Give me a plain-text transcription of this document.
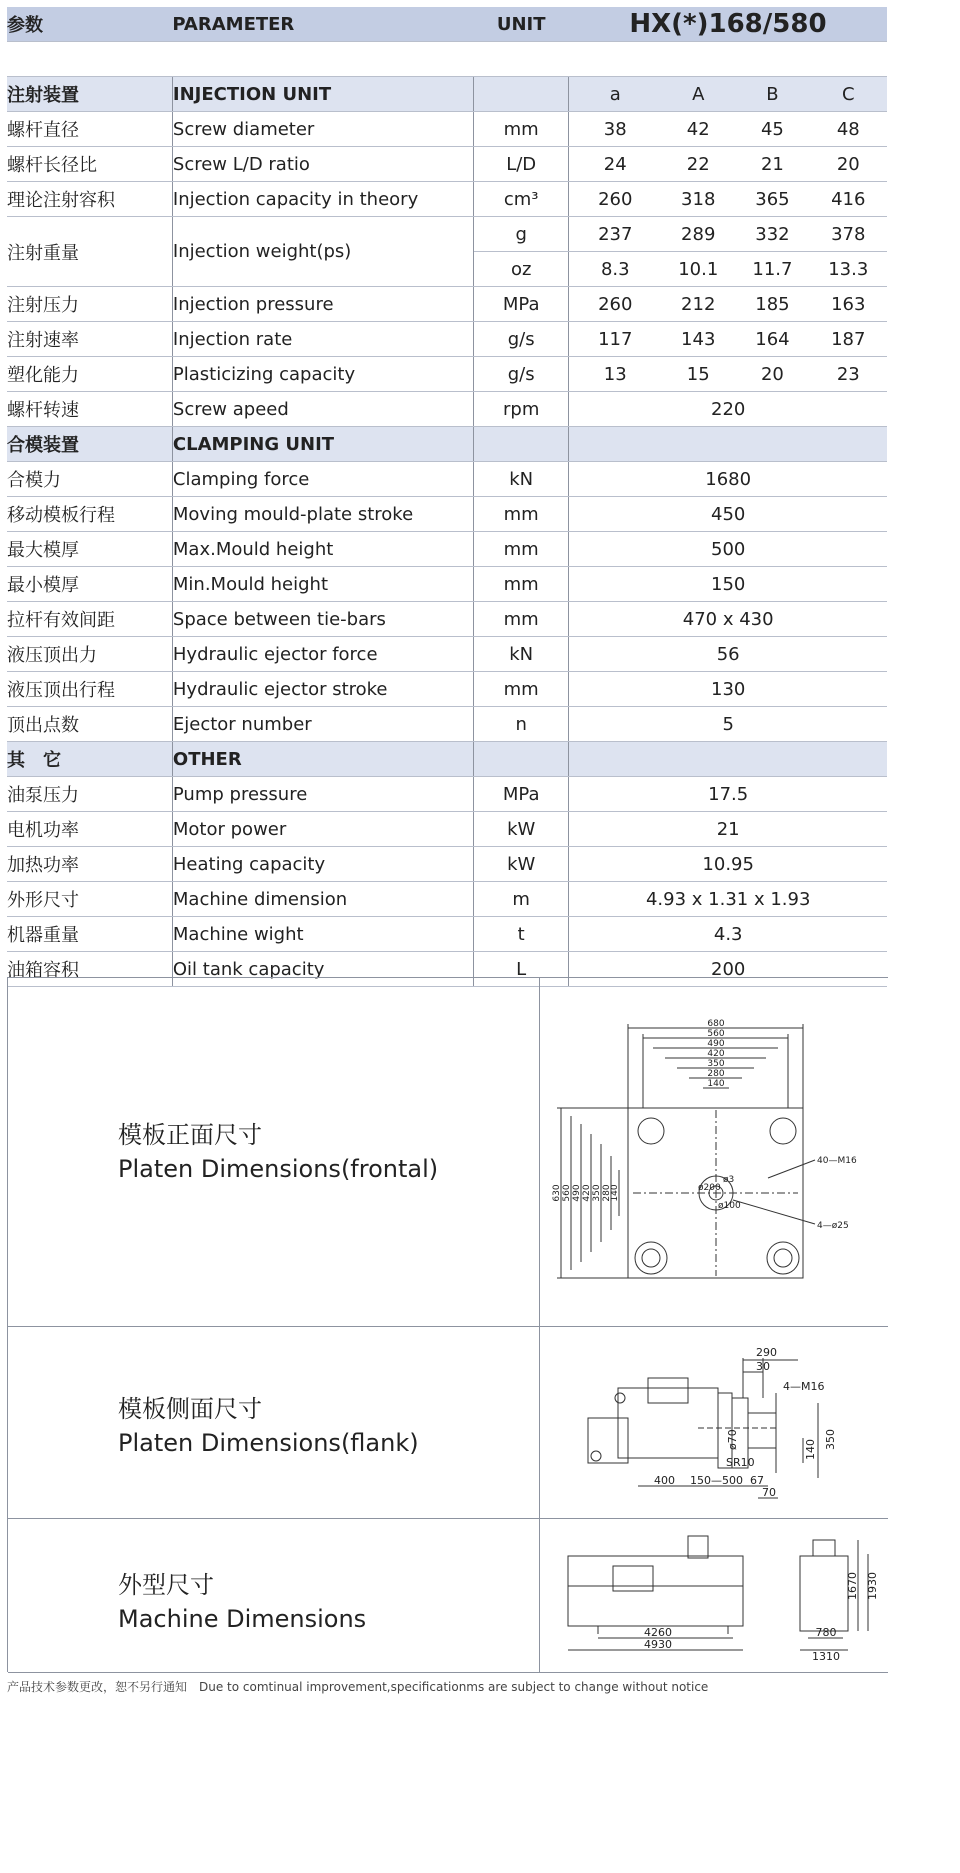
参数	PARAMETER	UNIT	HX(*)168/580			

注射装置	INJECTION UNIT		a	A	B	C
螺杆直径	Screw diameter	mm	38	42	45	48
螺杆长径比	Screw L/D ratio	L/D	24	22	21	20
理论注射容积	Injection capacity in theory	cm³	260	318	365	416
注射重量	Injection weight(ps)	g	237	289	332	378
		oz	8.3	10.1	11.7	13.3
注射压力	Injection pressure	MPa	260	212	185	163
注射速率	Injection rate	g/s	117	143	164	187
塑化能力	Plasticizing capacity	g/s	13	15	20	23
螺杆转速	Screw apeed	rpm	220			
合模装置	CLAMPING UNIT					
合模力	Clamping force	kN	1680			
移动模板行程	Moving mould-plate stroke	mm	450			
最大模厚	Max.Mould height	mm	500			
最小模厚	Min.Mould height	mm	150			
拉杆有效间距	Space between tie-bars	mm	470 x 430			
液压顶出力	Hydraulic ejector force	kN	56			
液压顶出行程	Hydraulic ejector stroke	mm	130			
顶出点数	Ejector number	n	5			
其　它	OTHER					
油泵压力	Pump pressure	MPa	17.5			
电机功率	Motor power	kW	21			
加热功率	Heating capacity	kW	10.95			
外形尺寸	Machine dimension	m	4.93 x 1.31 x 1.93			
机器重量	Machine wight	t	4.3			
油箱容积	Oil tank capacity	L	200			
模板正面尺寸
Platen Dimensions(frontal)
680
560
490
420
350
280
140
630 560 490 420 350 280
140
40—M16
4—ø25
ø200
ø100
ø3
模板侧面尺寸
Platen Dimensions(flank)
290
30
4—M16
350
140
ø70
SR10
400 150—500 67
70
外型尺寸
Machine Dimensions	4260
4930
1670 1930
780
1310
产品技术参数更改，恕不另行通知　Due to comtinual improvement,specificationms are subject to change without notice
